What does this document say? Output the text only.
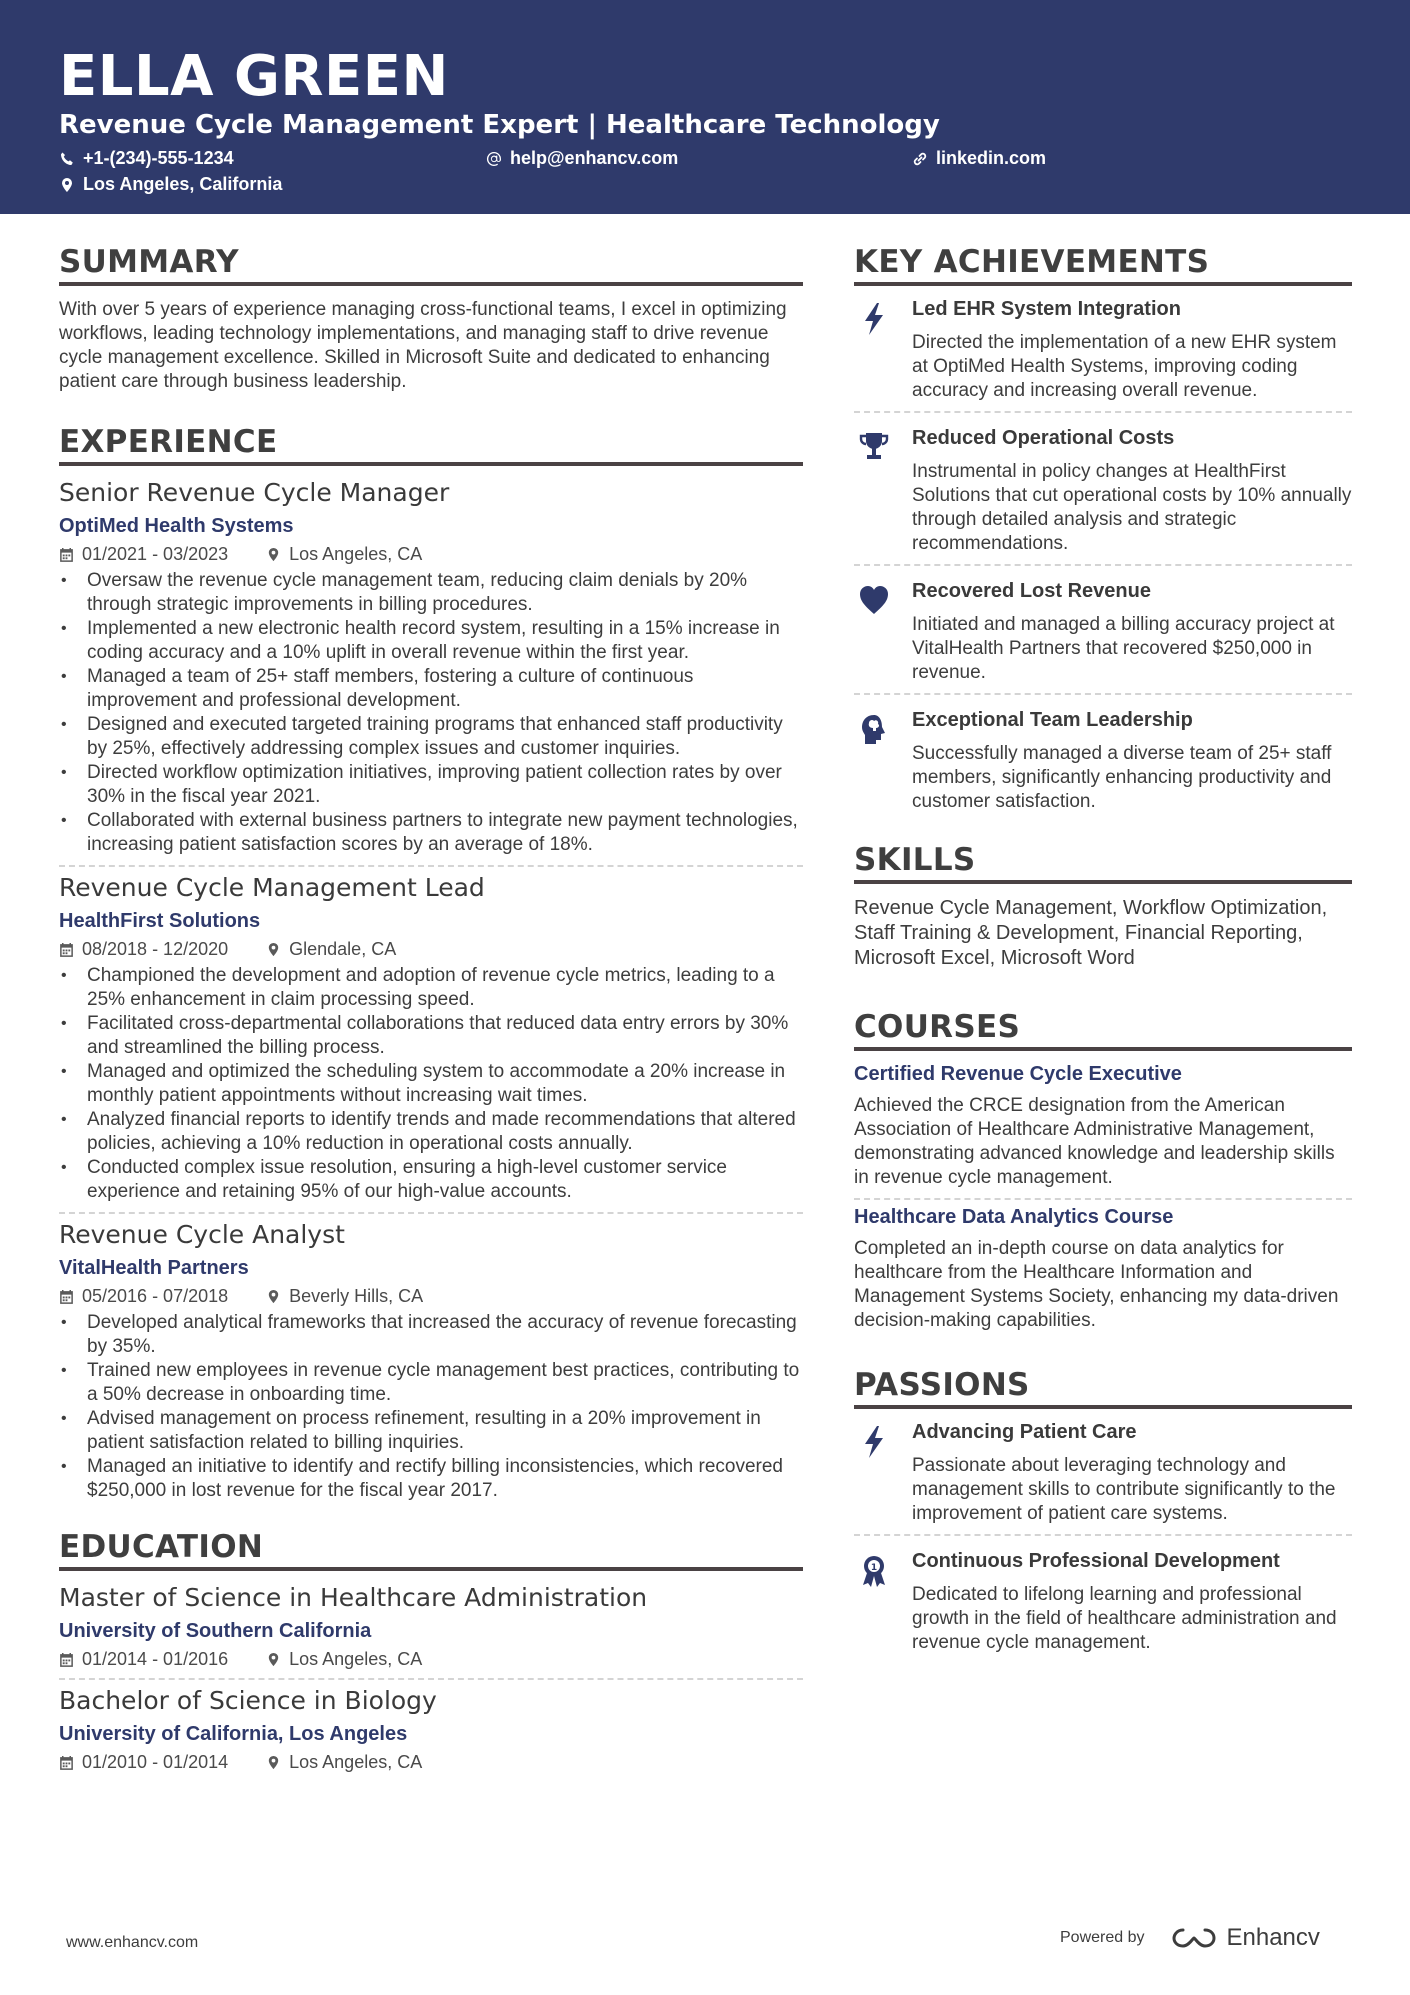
ELLA GREEN
Revenue Cycle Management Expert | Healthcare Technology
+1-(234)-555-1234	help@enhancv.com	linkedin.com
Los Angeles, California
SUMMARY
With over 5 years of experience managing cross-functional teams, I excel in optimizing workflows, leading technology implementations, and managing staff to drive revenue cycle management excellence. Skilled in Microsoft Suite and dedicated to enhancing patient care through business leadership.
EXPERIENCE
Senior Revenue Cycle Manager
OptiMed Health Systems
01/2021 - 03/2023	Los Angeles, CA
• Oversaw the revenue cycle management team, reducing claim denials by 20% through strategic improvements in billing procedures.
• Implemented a new electronic health record system, resulting in a 15% increase in coding accuracy and a 10% uplift in overall revenue within the first year.
• Managed a team of 25+ staff members, fostering a culture of continuous improvement and professional development.
• Designed and executed targeted training programs that enhanced staff productivity by 25%, effectively addressing complex issues and customer inquiries.
• Directed workflow optimization initiatives, improving patient collection rates by over 30% in the fiscal year 2021.
• Collaborated with external business partners to integrate new payment technologies, increasing patient satisfaction scores by an average of 18%.
Revenue Cycle Management Lead
HealthFirst Solutions
08/2018 - 12/2020	Glendale, CA
• Championed the development and adoption of revenue cycle metrics, leading to a 25% enhancement in claim processing speed.
• Facilitated cross-departmental collaborations that reduced data entry errors by 30% and streamlined the billing process.
• Managed and optimized the scheduling system to accommodate a 20% increase in monthly patient appointments without increasing wait times.
• Analyzed financial reports to identify trends and made recommendations that altered policies, achieving a 10% reduction in operational costs annually.
• Conducted complex issue resolution, ensuring a high-level customer service experience and retaining 95% of our high-value accounts.
Revenue Cycle Analyst
VitalHealth Partners
05/2016 - 07/2018	Beverly Hills, CA
• Developed analytical frameworks that increased the accuracy of revenue forecasting by 35%.
• Trained new employees in revenue cycle management best practices, contributing to a 50% decrease in onboarding time.
• Advised management on process refinement, resulting in a 20% improvement in patient satisfaction related to billing inquiries.
• Managed an initiative to identify and rectify billing inconsistencies, which recovered $250,000 in lost revenue for the fiscal year 2017.
EDUCATION
Master of Science in Healthcare Administration
University of Southern California
01/2014 - 01/2016	Los Angeles, CA
Bachelor of Science in Biology
University of California, Los Angeles
01/2010 - 01/2014	Los Angeles, CA
KEY ACHIEVEMENTS
Led EHR System Integration
Directed the implementation of a new EHR system at OptiMed Health Systems, improving coding accuracy and increasing overall revenue.
Reduced Operational Costs
Instrumental in policy changes at HealthFirst Solutions that cut operational costs by 10% annually through detailed analysis and strategic recommendations.
Recovered Lost Revenue
Initiated and managed a billing accuracy project at VitalHealth Partners that recovered $250,000 in revenue.
Exceptional Team Leadership
Successfully managed a diverse team of 25+ staff members, significantly enhancing productivity and customer satisfaction.
SKILLS
Revenue Cycle Management, Workflow Optimization, Staff Training & Development, Financial Reporting, Microsoft Excel, Microsoft Word
COURSES
Certified Revenue Cycle Executive
Achieved the CRCE designation from the American Association of Healthcare Administrative Management, demonstrating advanced knowledge and leadership skills in revenue cycle management.
Healthcare Data Analytics Course
Completed an in-depth course on data analytics for healthcare from the Healthcare Information and Management Systems Society, enhancing my data-driven decision-making capabilities.
PASSIONS
Advancing Patient Care
Passionate about leveraging technology and management skills to contribute significantly to the improvement of patient care systems.
1 Continuous Professional Development
Dedicated to lifelong learning and professional growth in the field of healthcare administration and revenue cycle management.
www.enhancv.com	Powered by	Enhancv
